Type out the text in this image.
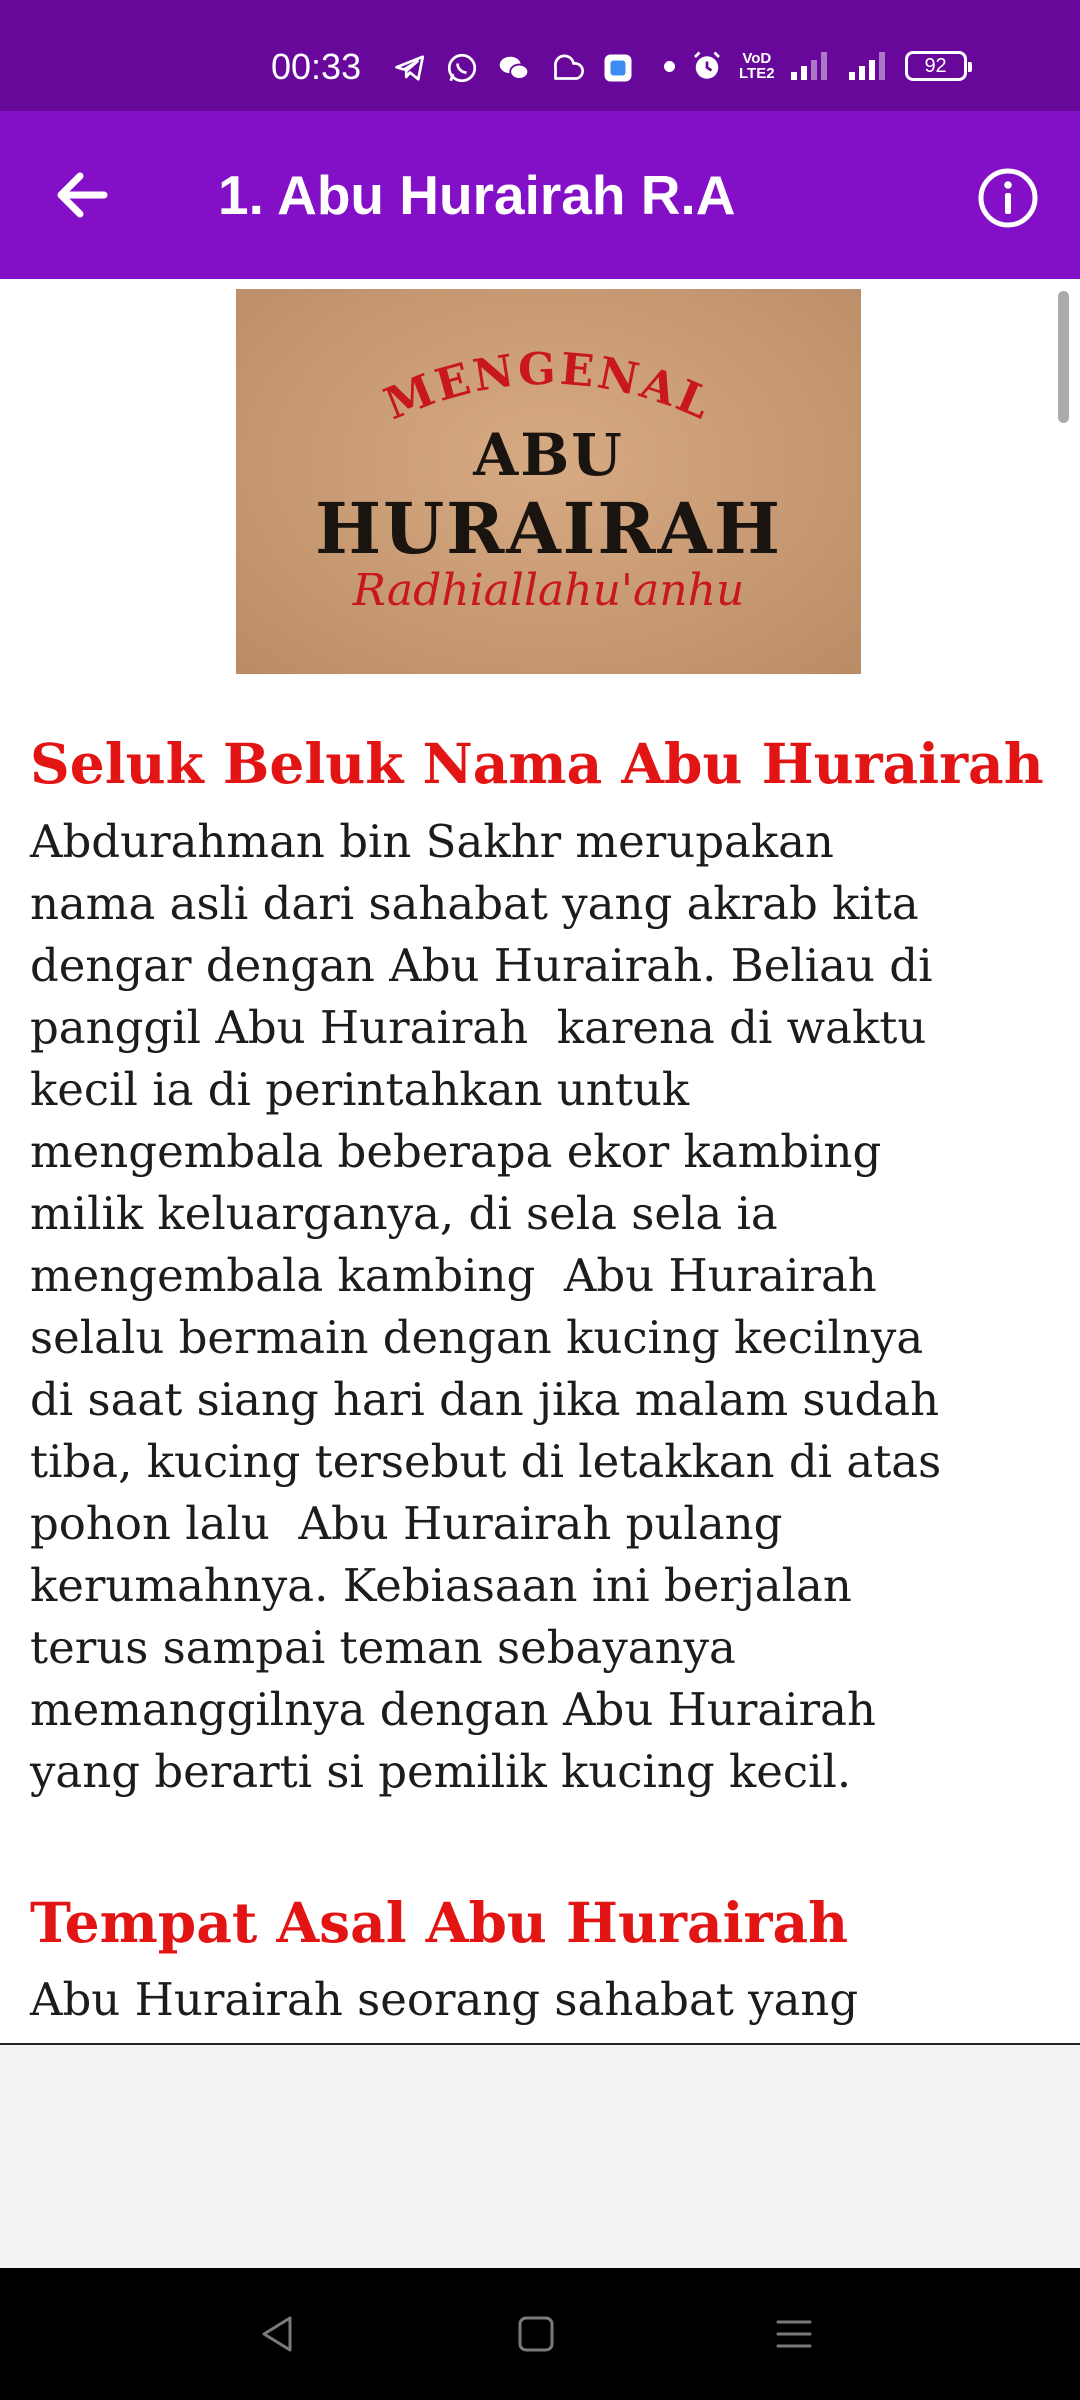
00:33	VoD
LTE2	92
1. Abu Hurairah R.A
MENGENAL
ABU
HURAIRAH
Radhiallahu'anhu
Seluk Beluk Nama Abu Hurairah
Abdurahman bin Sakhr merupakan
nama asli dari sahabat yang akrab kita
dengar dengan Abu Hurairah. Beliau di
panggil Abu Hurairah  karena di waktu
kecil ia di perintahkan untuk
mengembala beberapa ekor kambing
milik keluarganya, di sela sela ia
mengembala kambing  Abu Hurairah
selalu bermain dengan kucing kecilnya
di saat siang hari dan jika malam sudah
tiba, kucing tersebut di letakkan di atas
pohon lalu  Abu Hurairah pulang
kerumahnya. Kebiasaan ini berjalan
terus sampai teman sebayanya
memanggilnya dengan Abu Hurairah
yang berarti si pemilik kucing kecil.
Tempat Asal Abu Hurairah
Abu Hurairah seorang sahabat yang
